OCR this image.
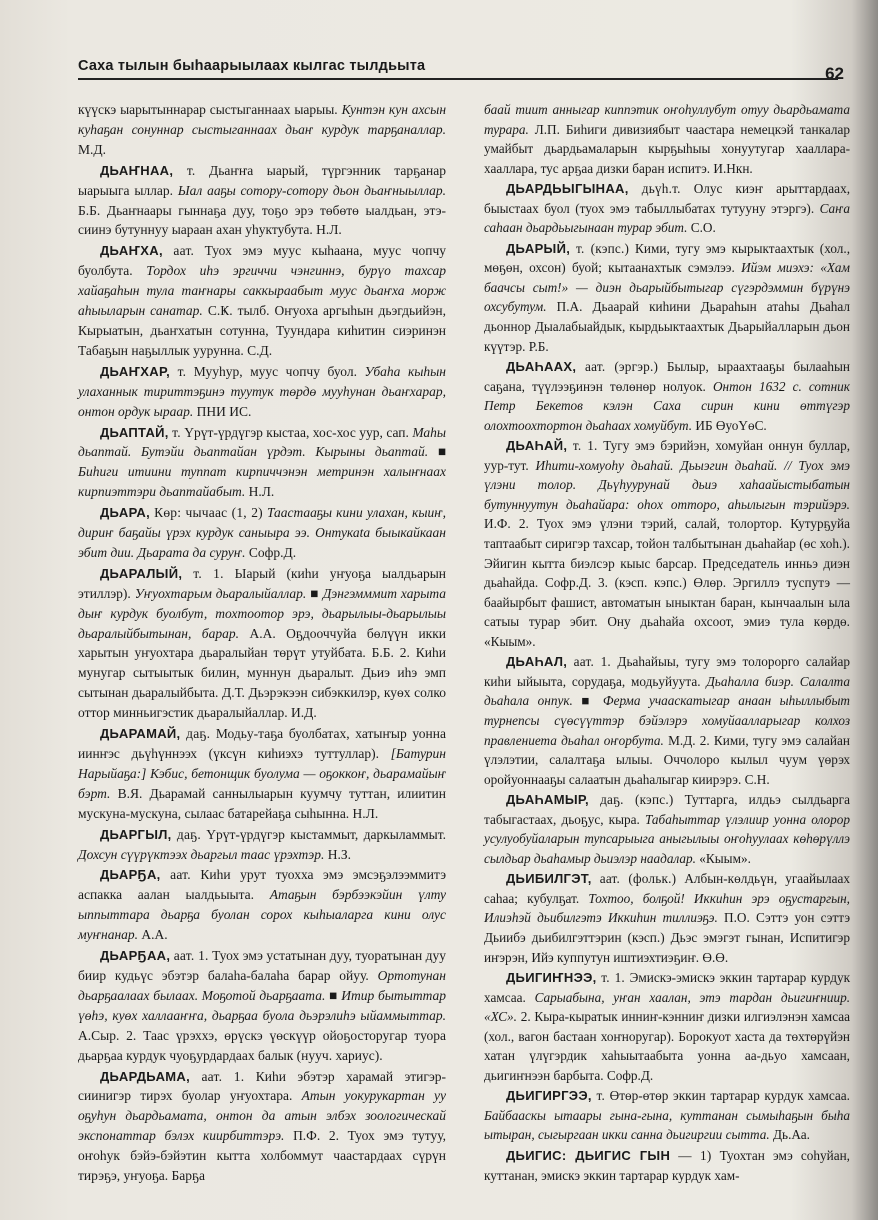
Саха тылын быһаарыылаах кылгас тылдьыта	62

күүскэ ыарытыннарар сыстыганнаах ыарыы. Кунтэн кун ахсын куһаҕан сонуннар сыстыганнаах дьаҥ курдук тарҕаналлар. М.Д.

ДЬАҤНАА, т. Дьаҥҥа ыарый, түргэнник тарҕанар ыарыыга ыллар. Ыал ааҕы сотору-сотору дьон дьаҥныыллар. Б.Б. Дьаҥнаары гыннаҕа дуу, тоҕо эрэ төбөтө ыалдьан, этэ-сиинэ бутуннуу ыараан ахан уһуктубута. Н.Л.

ДЬАҤХА, аат. Туох эмэ муус кыһаана, муус чопчу буолбута. Тордох иһэ эргиччи чэнгиннэ, бурүо тахсар хайаҕаһын тула таҥнары саккыраабыт муус дьаҥха морж аһыыларын санатар. С.Ҝ. тылб. Оҥуоха аргыһын дьэгдьийэн, Кырыатын, дьаҥхатын сотунна, Туундара киһитин сиэринэн Табаҕын наҕыллык уурунна. С.Д.

ДЬАҤХАР, т. Мууһур, муус чопчу буол. Убаһа кыһын улаханнык тириттэҕинэ туутук төрдө мууһунан дьаҥхарар, онтон ордук ыраар. ПНИ ИС.

ДЬАПТАЙ, т. Үрүт-үрдүгэр кыстаа, хос-хос уур, сап. Маһы дьаптай. Бутэйи дьаптайан үрдэт. Кырыны дьаптай. ■ Биһиги итиини туппат кирпиччэнэн метринэн халыҥнаах кирпиэттэри дьаптайабыт. Н.Л.

ДЬАРА, Көр: чычаас (1, 2) Таастааҕы кини улахан, кыиҥ, дириҥ баҕайы үрэх курдук саныыра ээ. Онтукаta быыкайкаан эбит дии. Дьарата да суруҥ. Софр.Д.

ДЬАРАЛЫЙ, т. 1. Ыарый (киһи уҥуоҕа ыалдьарын этиллэр). Уҥуохтарым дьаралыйаллар. ■ Дэнгэмммит харыта дыҥ курдук буолбут, тохтоотор эрэ, дьарылыы-дьарылыы дьаралыйбытынан, барар. А.А. Оҕдооччуйа бөлүүн икки харытын уҥуохтара дьаралыйан төрүт утуйбата. Б.Б. 2. Киһи мунугар сытыытык билин, муннун дьаралыт. Дьиэ иһэ эмп сытынан дьаралыйбыта. Д.Т. Дьэрэкээн сибэккилэр, куөх солко оттор минньигэстик дьаралыйаллар. И.Д.

ДЬАРАМАЙ, даҕ. Модьу-таҕа буолбатах, хатыҥыр уонна иинҥэс дьүһүннээх (үксүн киһиэхэ туттуллар). [Батурин Нарыйаҕа:] Кэбис, бетонщик буолума — оҕоккоҥ, дьарамайыҥ бэрт. В.Я. Дьарамай саннылыарын куумчу туттан, илиитин мускуна-мускуна, сылаас батарейаҕа сыһынна. Н.Л.

ДЬАРГЫЛ, даҕ. Үрүт-үрдүгэр кыстаммыт, даркыламмыт. Дохсун сүүрүктээх дьаргыл таас үрэхтэр. Н.З.

ДЬАРҔА, аат. Киһи урут туохха эмэ эмсэҕэлээммитэ аспакка аалан ыалдьыыта. Атаҕын бэрбээкэйин үлту ыппыттара дьарҕа буолан сорох кыһыаларга кини олус муҥнанар. А.А.

ДЬАРҔАА, аат. 1. Туох эмэ устатынан дуу, туоратынан дуу бииp кудьүс эбэтэр балаһа-балаһа барар ойуу. Ортотунан дьарҕаалаах былаах. Моҕотой дьарҕаата. ■ Итир бытыттар үөһэ, куөх халлааҥҥа, дьарҕаа буола дьэрэлиһэ ыйаммыттар. А.Сыр. 2. Таас үрэххэ, өрүскэ үөскүүр ойоҕосторугар туора дьарҕаа курдук чуоҕурдардаах балык (нууч. хариус).

ДЬАРДЬАМА, аат. 1. Киһи эбэтэр харамай этигэр-сиинигэр тирэх буолар уҥуохтара. Атын уокурукартан уу оҕуһун дьардьамата, онтон да атын элбэх зоологическай экспонаттар бэлэх кииpбиттэрэ. П.Ф. 2. Туох эмэ тутуу, оҥоһук бэйэ-бэйэтин кытта холбоммут чаастардаах сүрүн тирэҕэ, уҥуоҕа. Барҕа

баай тиит анныгар киппэтик оҥоһуллубут отуу дьардьамата турара. Л.П. Биһиги дивизиябыт чаастара немецкэй танкалар умайбыт дьардьамаларын кырҕыһыы хонуутугар хааллара-хааллара, тус арҕаа дизки баран испитэ. И.Нкн.

ДЬАРДЬЫГЫНАА, дьүh.т. Олус киэҥ арыттардаах, быыстаах буол (туох эмэ табыллыбатах тутууну этэргэ). Саҥа саһаан дьардьыгынаан турар эбит. С.О.

ДЬАРЫЙ, т. (кэпс.) Кими, тугу эмэ кырыктаахтык (хол., мөҕөн, охсон) буой; кытаанахтык сэмэлээ. Ийэм миэхэ: «Хам баачсы сыт!» — диэн дьарыйбытыгар сүгэрдэммин бүрүнэ охсубутум. П.А. Дьаарай киһини Дьараһын атаһы Дьаһал дьоннор Дыалабыайдык, кырдьыктаахтык Дьарыйалларын дьон күүтэр. Р.Б.

ДЬАҺААХ, аат. (эргэр.) Былыр, ыраахтааҕы былааһын саҕана, түүлээҕинэн төлөнөр нолуок. Онтон 1632 с. сотник Петр Бекетов кэлэн Саха сирин кини өттүгэр олохтоохтортон дьаһаах хомуйбут. ИБ ӨуоҮөС.

ДЬАҺАЙ, т. 1. Тугу эмэ бэрийэн, хомуйан оннун буллар, уур-тут. Иһити-хомуоһу дьаһай. Дьыэгин дьаһай. // Туох эмэ үлэни толор. Дьүһуурунай дьиэ хаһаайыстыбатын бутуннуутун дьаһайара: ohox отторо, аһылыгын тэрийэрэ. И.Ф. 2. Туох эмэ үлэни тэрий, салай, толортор. Кутурҕуйа таптаабыт сиригэр тахсар, тойон талбытынан дьаһайар (өс хоһ.). Эйигин кытта биэлсэр кыыс барсар. Председатель инньэ диэн дьаһайда. Софр.Д. 3. (кэсп. кэпс.) Өлөр. Эргиллэ туспутэ — баайырбыт фашист, автоматын ыныктан баран, кынчаалын ыла сатыы турар эбит. Ону дьаһайа охсоот, эмиэ тула көрдө. «Кыым».

ДЬАҺАЛ, аат. 1. Дьаһайыы, тугу эмэ толорорго салайар киһи ыйыыта, сорудаҕа, модьуйуута. Дьаһалла биэр. Салалта дьаһала онnук. ■ Ферма учааскатыгар анаан ыһыллыбыт турнепсы сүөсүүттэр бэйэлэрэ хомуйаалларыгар колхоз правлениета дьаһал оҥорбута. М.Д. 2. Кими, тугу эмэ салайан үлэлэтии, салалтаҕа ылыы. Оччолорo кылыл чуум үөрэх оройуоннааҕы салаатын дьаһалыгар киирэрэ. С.Н.

ДЬАҺАМЫР, даҕ. (кэпс.) Туттарга, илдьэ сылдьарга табыгастаах, дьоҕус, кыра. Табаһыттар үлэлиир уонна олорор усулуобуйаларын тупсарыыга аныгылыы оҥоһуулаах көһөрүллэ сылдьар дьаһамыр дьиэлэр наадалар. «Кыым».

ДЬИБИЛГЭТ, аат. (фольк.) Албын-көлдьүн, угаайылаах саһаа; кубулҕат. Тохтоо, болҕой! Иккиhин эрэ оҕустаргын, Илиэһэй дьибилгэтэ Иккиһин тиллиэҕэ. П.О. Сэттэ уон сэттэ Дьиибэ дьибилгэттэрин (кэсп.) Дьэс эмэгэт гынан, Испитигэр иҥэрэн, Ийэ куппутун иштиэхтиэҕиҥ. Ө.Ө.

ДЬИГИҤНЭЭ, т. 1. Эмискэ-эмискэ эккин тартарар курдук хамсаа. Сарыабына, уҥан хаалан, этэ тардан дьигиҥниир. «ХС». 2. Кыра-кыратык инниҥ-кэнниҥ дизки илгиэлэнэн хамсаа (хол., вагон бастаан хоҥноругар). Борокуот хаста да төхтөрүйэн хатан үлүгэрдик хаһыытаабыта уонна аа-дьуо хамсаан, дьигиҥнээн барбыта. Софр.Д.

ДЬИГИРГЭЭ, т. Өтөр-өтөр эккин тартарар курдук хамсаа. Байбааскы ытаары гына-гына, куттанан сымыһаҕын быһа ытыран, сыгыргаан икки санна дьигиргии сытта. Дь.Аа.

ДЬИГИС: ДЬИГИС ГЫН — 1) Туохтан эмэ соһуйан, куттанан, эмискэ эккин тартарар курдук хам-
